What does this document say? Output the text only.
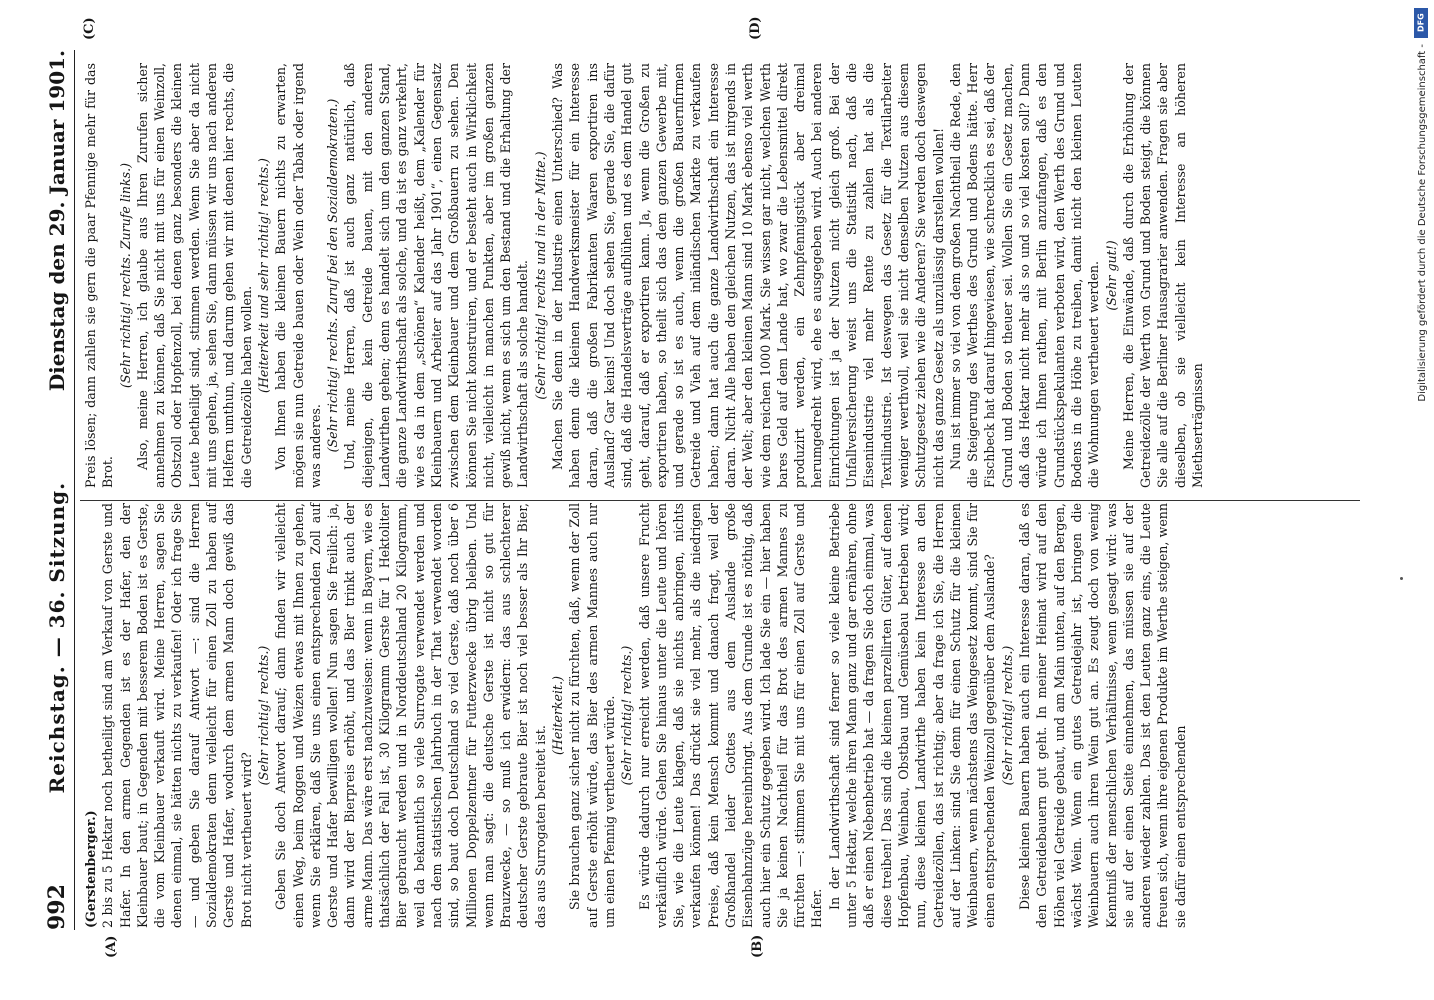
992
Reichstag. — 36. Sitzung.
Dienstag den 29. Januar 1901.
(A)	(B)
(C)	(D)

(Gerstenberger.) 2 bis zu 5 Hektar noch betheiligt sind am Verkauf von Gerste und Hafer. In den armen Gegenden ist es der Hafer, den der Kleinbauer baut; in Gegenden mit besserem Boden ist es Gerste, die vom Kleinbauer verkauft wird. Meine Herren, sagen Sie denen einmal, sie hätten nichts zu verkaufen! Oder ich frage Sie — und geben Sie darauf Antwort —: sind die Herren Sozialdemokraten denn vielleicht für einen Zoll zu haben auf Gerste und Hafer, wodurch dem armen Mann doch gewiß das Brot nicht vertheuert wird?

(Sehr richtig! rechts.) Geben Sie doch Antwort darauf; dann finden wir vielleicht einen Weg, beim Roggen und Weizen etwas mit Ihnen zu gehen, wenn Sie erklären, daß Sie uns einen entsprechenden Zoll auf Gerste und Hafer bewilligen wollen! Nun sagen Sie freilich: ja, dann wird der Bierpreis erhöht, und das Bier trinkt auch der arme Mann. Das wäre erst nachzuweisen: wenn in Bayern, wie es thatsächlich der Fall ist, 30 Kilogramm Gerste für 1 Hektoliter Bier gebraucht werden und in Norddeutschland 20 Kilogramm, weil da bekanntlich so viele Surrogate verwendet werden und nach dem statistischen Jahrbuch in der That verwendet worden sind, so baut doch Deutschland so viel Gerste, daß noch über 6 Millionen Doppelzentner für Futterzwecke übrig bleiben. Und wenn man sagt: die deutsche Gerste ist nicht so gut für Brauzwecke, — so muß ich erwidern: das aus schlechterer deutscher Gerste gebraute Bier ist noch viel besser als Ihr Bier, das aus Surrogaten bereitet ist.

(Heiterkeit.) Sie brauchen ganz sicher nicht zu fürchten, daß, wenn der Zoll auf Gerste erhöht würde, das Bier des armen Mannes auch nur um einen Pfennig vertheuert würde. (Sehr richtig! rechts.) Es würde dadurch nur erreicht werden, daß unsere Frucht verkäuflich würde. Gehen Sie hinaus unter die Leute und hören Sie, wie die Leute klagen, daß sie nichts anbringen, nichts verkaufen können! Das drückt sie viel mehr, als die niedrigen Preise, daß kein Mensch kommt und danach fragt, weil der Großhandel leider Gottes aus dem Auslande große Eisenbahnzüge hereinbringt. Aus dem Grunde ist es nöthig, daß auch hier ein Schutz gegeben wird. Ich lade Sie ein — hier haben Sie ja keinen Nachtheil für das Brot des armen Mannes zu fürchten —: stimmen Sie mit uns für einen Zoll auf Gerste und Hafer. In der Landwirthschaft sind ferner so viele kleine Betriebe unter 5 Hektar, welche ihren Mann ganz und gar ernähren, ohne daß er einen Nebenbetrieb hat — da fragen Sie doch einmal, was diese treiben! Das sind die kleinen parzellirten Güter, auf denen Hopfenbau, Weinbau, Obstbau und Gemüsebau betrieben wird; nun, diese kleinen Landwirthe haben kein Interesse an den Getreidezöllen, das ist richtig; aber da frage ich Sie, die Herren auf der Linken: sind Sie denn für einen Schutz für die kleinen Weinbauern, wenn nächstens das Weingesetz kommt, sind Sie für einen entsprechenden Weinzoll gegenüber dem Auslande? (Sehr richtig! rechts.) Diese kleinen Bauern haben auch ein Interesse daran, daß es den Getreidebauern gut geht. In meiner Heimat wird auf den Höhen viel Getreide gebaut, und am Main unten, auf den Bergen, wächst Wein. Wenn ein gutes Getreidejahr ist, bringen die Weinbauern auch ihren Wein gut an. Es zeugt doch von wenig Kenntniß der menschlichen Verhältnisse, wenn gesagt wird: was sie auf der einen Seite einnehmen, das müssen sie auf der anderen wieder zahlen. Das ist den Leuten ganz eins, die Leute freuen sich, wenn ihre eigenen Produkte im Werthe steigen, wenn sie dafür einen entsprechenden

Preis lösen; dann zahlen sie gern die paar Pfennige mehr für das Brot.

(Sehr richtig! rechts. Zurufe links.) Also, meine Herren, ich glaube aus Ihren Zurufen sicher annehmen zu können, daß Sie nicht mit uns für einen Weinzoll, Obstzoll oder Hopfenzoll, bei denen ganz besonders die kleinen Leute betheiligt sind, stimmen werden. Wenn Sie aber da nicht mit uns gehen, ja, sehen Sie, dann müssen wir uns nach anderen Helfern umthun, und darum gehen wir mit denen hier rechts, die die Getreidezölle haben wollen. (Heiterkeit und sehr richtig! rechts.) Von Ihnen haben die kleinen Bauern nichts zu erwarten, mögen sie nun Getreide bauen oder Wein oder Tabak oder irgend was anderes. (Sehr richtig! rechts. Zuruf bei den Sozialdemokraten.) Und, meine Herren, daß ist auch ganz natürlich, daß diejenigen, die kein Getreide bauen, mit den anderen Landwirthen gehen; denn es handelt sich um den ganzen Stand, die ganze Landwirthschaft als solche, und da ist es ganz verkehrt, wie es da in dem „schönen“ Kalender heißt, dem „Kalender für Kleinbauern und Arbeiter auf das Jahr 1901“, einen Gegensatz zwischen dem Kleinbauer und dem Großbauern zu sehen. Den können Sie nicht konstruiren, und er besteht auch in Wirklichkeit nicht, vielleicht in manchen Punkten, aber im großen ganzen gewiß nicht, wenn es sich um den Bestand und die Erhaltung der Landwirthschaft als solche handelt. (Sehr richtig! rechts und in der Mitte.) Machen Sie denn in der Industrie einen Unterschied? Was haben denn die kleinen Handwerksmeister für ein Interesse daran, daß die großen Fabrikanten Waaren exportiren ins Ausland? Gar keins! Und doch sehen Sie, gerade Sie, die dafür sind, daß die Handelsverträge aufblühen und es dem Handel gut geht, darauf, daß er exportiren kann. Ja, wenn die Großen zu exportiren haben, so theilt sich das dem ganzen Gewerbe mit, und gerade so ist es auch, wenn die großen Bauernfirmen Getreide und Vieh auf dem inländischen Markte zu verkaufen haben; dann hat auch die ganze Landwirthschaft ein Interesse daran. Nicht Alle haben den gleichen Nutzen, das ist nirgends in der Welt; aber den kleinen Mann sind 10 Mark ebenso viel werth wie dem reichen 1000 Mark. Sie wissen gar nicht, welchen Werth bares Geld auf dem Lande hat, wo zwar die Lebensmittel direkt produzirt werden, ein Zehnpfennigstück aber dreimal herumgedreht wird, ehe es ausgegeben wird. Auch bei anderen Einrichtungen ist ja der Nutzen nicht gleich groß. Bei der Unfallversicherung weist uns die Statistik nach, daß die Eisenindustrie viel mehr Rente zu zahlen hat als die Textilindustrie. Ist deswegen das Gesetz für die Textilarbeiter weniger werthvoll, weil sie nicht denselben Nutzen aus diesem Schutzgesetz ziehen wie die Anderen? Sie werden doch deswegen nicht das ganze Gesetz als unzulässig darstellen wollen! Nun ist immer so viel von dem großen Nachtheil die Rede, den die Steigerung des Werthes des Grund und Bodens hätte. Herr Fischbeck hat darauf hingewiesen, wie schrecklich es sei, daß der Grund und Boden so theuer sei. Wollen Sie ein Gesetz machen, daß das Hektar nicht mehr als so und so viel kosten soll? Dann würde ich Ihnen rathen, mit Berlin anzufangen, daß es den Grundstückspekulanten verboten wird, den Werth des Grund und Bodens in die Höhe zu treiben, damit nicht den kleinen Leuten die Wohnungen vertheuert werden. (Sehr gut!) Meine Herren, die Einwände, daß durch die Erhöhung der Getreidezölle der Werth von Grund und Boden steigt, die können Sie alle auf die Berliner Hausagrarier anwenden. Fragen sie aber dieselben, ob sie vielleicht kein Interesse an höheren Miethserträgnissen

DFG
Digitalisierung gefördert durch die Deutsche Forschungsgemeinschaft -
